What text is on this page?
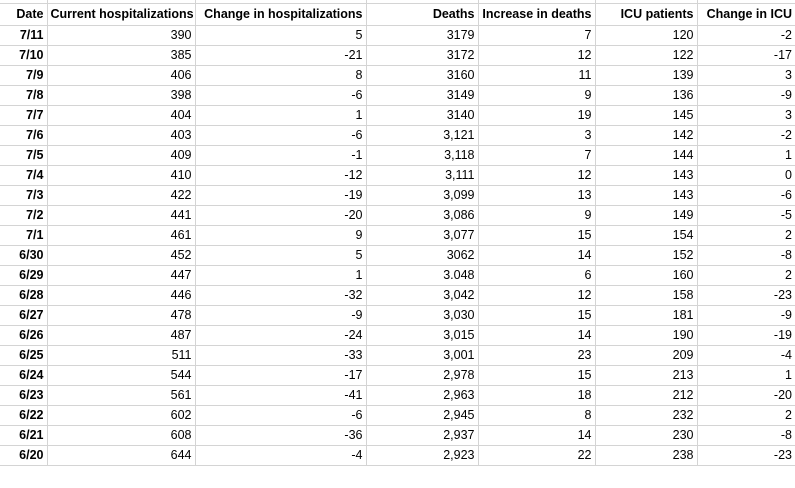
Date	Current hospitalizations	Change in hospitalizations	Deaths	Increase in deaths	ICU patients	Change in ICU
7/11	390	5	3179	7	120	-2
7/10	385	-21	3172	12	122	-17
7/9	406	8	3160	11	139	3
7/8	398	-6	3149	9	136	-9
7/7	404	1	3140	19	145	3
7/6	403	-6	3,121	3	142	-2
7/5	409	-1	3,118	7	144	1
7/4	410	-12	3,111	12	143	0
7/3	422	-19	3,099	13	143	-6
7/2	441	-20	3,086	9	149	-5
7/1	461	9	3,077	15	154	2
6/30	452	5	3062	14	152	-8
6/29	447	1	3.048	6	160	2
6/28	446	-32	3,042	12	158	-23
6/27	478	-9	3,030	15	181	-9
6/26	487	-24	3,015	14	190	-19
6/25	511	-33	3,001	23	209	-4
6/24	544	-17	2,978	15	213	1
6/23	561	-41	2,963	18	212	-20
6/22	602	-6	2,945	8	232	2
6/21	608	-36	2,937	14	230	-8
6/20	644	-4	2,923	22	238	-23
